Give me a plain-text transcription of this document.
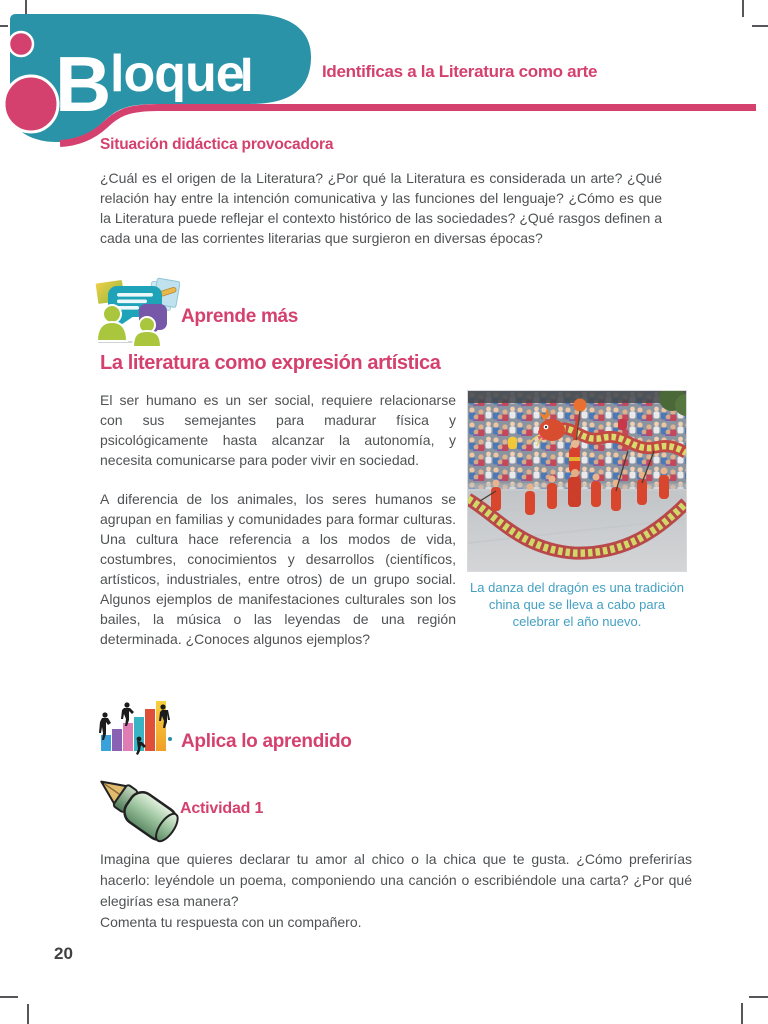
B
loque
I	Identificas a la Literatura como arte
Situación didáctica provocadora
¿Cuál es el origen de la Literatura? ¿Por qué la Literatura es considerada un arte? ¿Qué relación hay entre la intención comunicativa y las funciones del lenguaje? ¿Cómo es que la Literatura puede reflejar el contexto histórico de las sociedades? ¿Qué rasgos definen a cada una de las corrientes literarias que surgieron en diversas épocas?
Aprende más
La literatura como expresión artística

El ser humano es un ser social, requiere relacionarse con sus semejantes para madurar física y psicológicamente hasta alcanzar la autonomía, y necesita comunicarse para poder vivir en sociedad.

A diferencia de los animales, los seres humanos se agrupan en familias y comunidades para formar culturas. Una cultura hace referencia a los modos de vida, costumbres, conocimientos y desarrollos (científicos, artísticos, industriales, entre otros) de un grupo social. Algunos ejemplos de manifestaciones culturales son los bailes, la música o las leyendas de una región determinada. ¿Conoces algunos ejemplos?

La danza del dragón es una tradición china que se lleva a cabo para celebrar el año nuevo.
Aplica lo aprendido
Actividad 1
Imagina que quieres declarar tu amor al chico o la chica que te gusta. ¿Cómo preferirías hacerlo: leyéndole un poema, componiendo una canción o escribiéndole una carta? ¿Por qué elegirías esa manera?
Comenta tu respuesta con un compañero.
20
